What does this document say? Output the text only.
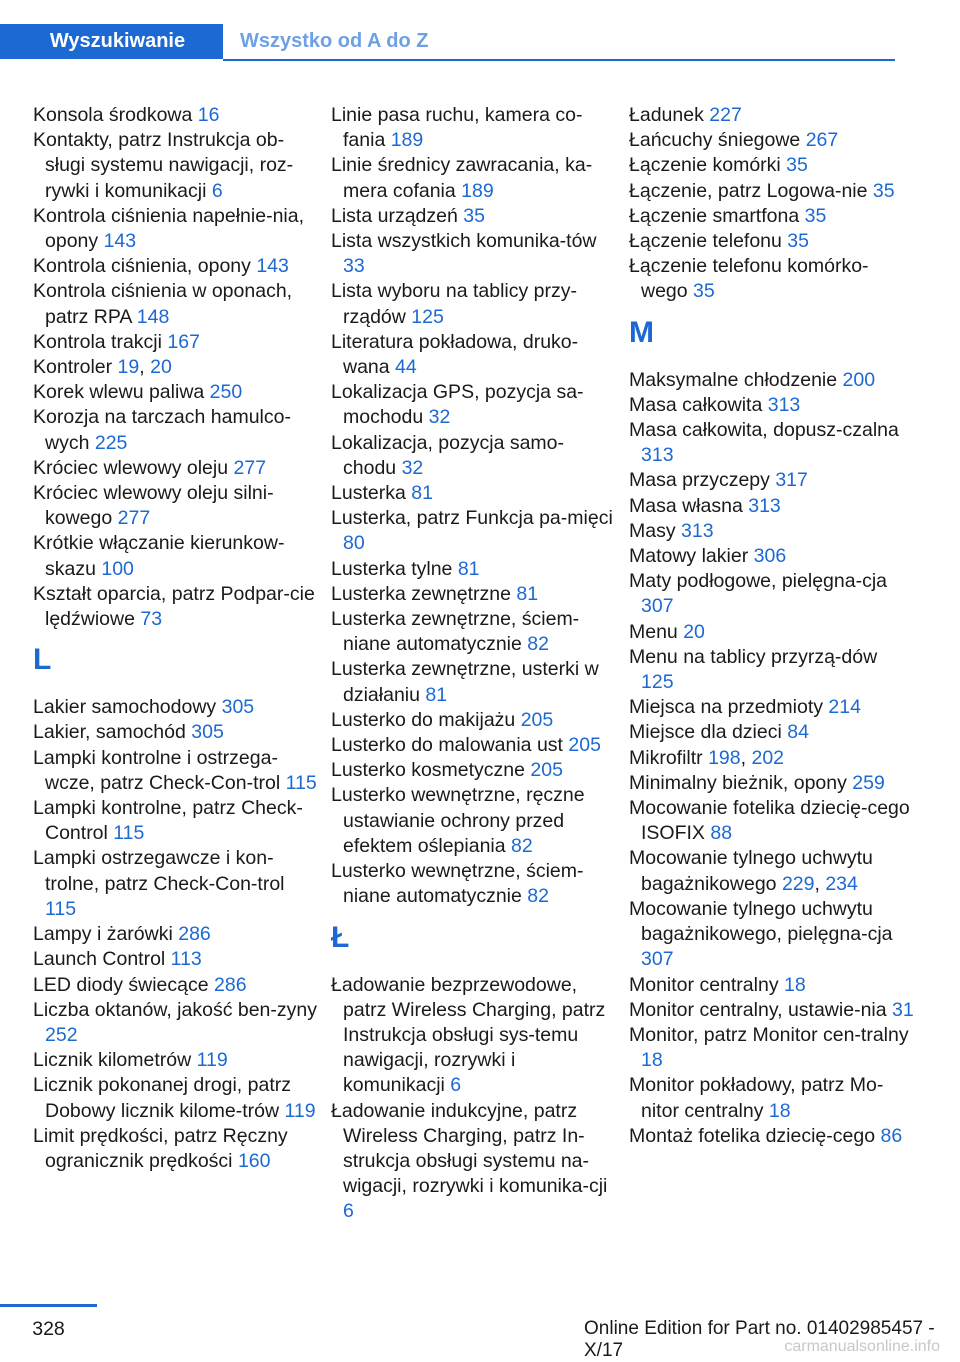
Wyszukiwanie	Wszystko od A do Z
Konsola środkowa 16
Kontakty, patrz Instrukcja ob-sługi systemu nawigacji, roz-rywki i komunikacji 6
Kontrola ciśnienia napełnie-nia, opony 143
Kontrola ciśnienia, opony 143
Kontrola ciśnienia w oponach, patrz RPA 148
Kontrola trakcji 167
Kontroler 19, 20
Korek wlewu paliwa 250
Korozja na tarczach hamulco-wych 225
Króciec wlewowy oleju 277
Króciec wlewowy oleju silni-kowego 277
Krótkie włączanie kierunkow-skazu 100
Kształt oparcia, patrz Podpar-cie lędźwiowe 73
L
Lakier samochodowy 305
Lakier, samochód 305
Lampki kontrolne i ostrzega-wcze, patrz Check-Con-trol 115
Lampki kontrolne, patrz Check-Control 115
Lampki ostrzegawcze i kon-trolne, patrz Check-Con-trol 115
Lampy i żarówki 286
Launch Control 113
LED diody świecące 286
Liczba oktanów, jakość ben-zyny 252
Licznik kilometrów 119
Licznik pokonanej drogi, patrz Dobowy licznik kilome-trów 119
Limit prędkości, patrz Ręczny ogranicznik prędkości 160
Linie pasa ruchu, kamera co-fania 189
Linie średnicy zawracania, ka-mera cofania 189
Lista urządzeń 35
Lista wszystkich komunika-tów 33
Lista wyboru na tablicy przy-rządów 125
Literatura pokładowa, druko-wana 44
Lokalizacja GPS, pozycja sa-mochodu 32
Lokalizacja, pozycja samo-chodu 32
Lusterka 81
Lusterka, patrz Funkcja pa-mięci 80
Lusterka tylne 81
Lusterka zewnętrzne 81
Lusterka zewnętrzne, ściem-niane automatycznie 82
Lusterka zewnętrzne, usterki w działaniu 81
Lusterko do makijażu 205
Lusterko do malowania ust 205
Lusterko kosmetyczne 205
Lusterko wewnętrzne, ręczne ustawianie ochrony przed efektem oślepiania 82
Lusterko wewnętrzne, ściem-niane automatycznie 82
Ł
Ładowanie bezprzewodowe, patrz Wireless Charging, patrz Instrukcja obsługi sys-temu nawigacji, rozrywki i komunikacji 6
Ładowanie indukcyjne, patrz Wireless Charging, patrz In-strukcja obsługi systemu na-wigacji, rozrywki i komunika-cji 6
Ładunek 227
Łańcuchy śniegowe 267
Łączenie komórki 35
Łączenie, patrz Logowa-nie 35
Łączenie smartfona 35
Łączenie telefonu 35
Łączenie telefonu komórko-wego 35
M
Maksymalne chłodzenie 200
Masa całkowita 313
Masa całkowita, dopusz-czalna 313
Masa przyczepy 317
Masa własna 313
Masy 313
Matowy lakier 306
Maty podłogowe, pielęgna-cja 307
Menu 20
Menu na tablicy przyrzą-dów 125
Miejsca na przedmioty 214
Miejsce dla dzieci 84
Mikrofiltr 198, 202
Minimalny bieżnik, opony 259
Mocowanie fotelika dziecię-cego ISOFIX 88
Mocowanie tylnego uchwytu bagażnikowego 229, 234
Mocowanie tylnego uchwytu bagażnikowego, pielęgna-cja 307
Monitor centralny 18
Monitor centralny, ustawie-nia 31
Monitor, patrz Monitor cen-tralny 18
Monitor pokładowy, patrz Mo-nitor centralny 18
Montaż fotelika dziecię-cego 86
328	Online Edition for Part no. 01402985457 - X/17	carmanualsonline.info
